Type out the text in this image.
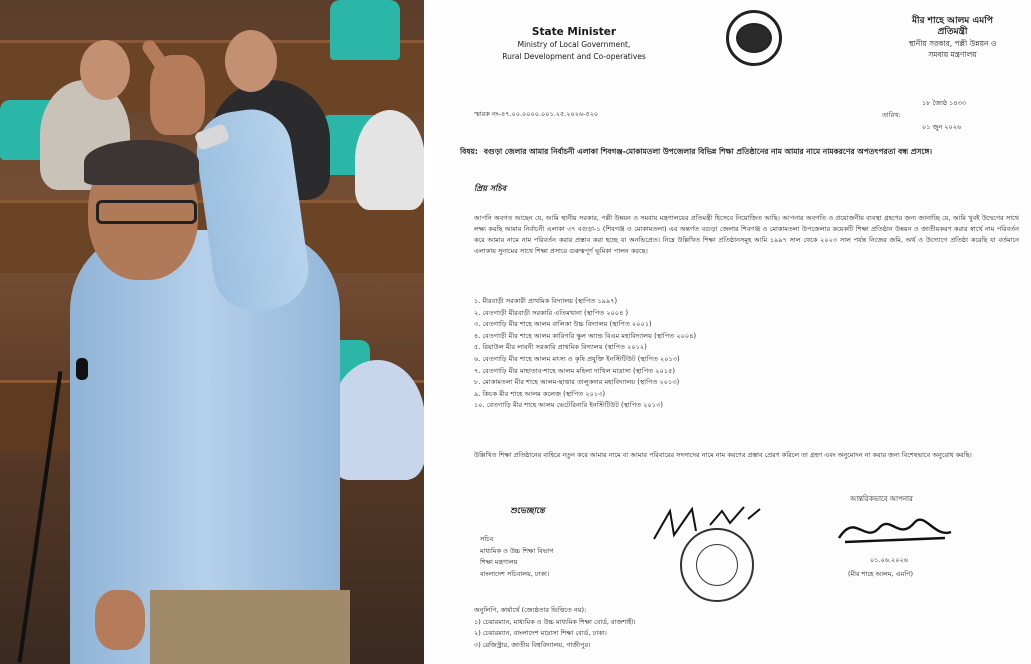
State Minister
Ministry of Local Government,
Rural Development and Co-operatives
মীর শাহে আলম এমপি
প্রতিমন্ত্রী
স্থানীয় সরকার, পল্লী উন্নয়ন ও
সমবায় মন্ত্রণালয়
স্মারক নং-৪৭.০০.০০০০.০০১.২৫.২০২৬-৫২০
১৮ জ্যৈষ্ঠ ১৪৩৩
তারিখ:
০১ জুন ২০২৬
বিষয়: বগুড়া জেলার আমার নির্বাচনী এলাকা শিবগঞ্জ-মোকামতলা উপজেলার বিভিন্ন শিক্ষা প্রতিষ্ঠানের নাম আমার নামে নামকরণের অপতৎপরতা বন্ধ প্রসঙ্গে।
প্রিয় সচিব
আপনি অবগত আছেন যে, আমি স্থানীয় সরকার, পল্লী উন্নয়ন ও সমবায় মন্ত্রণালয়ের প্রতিমন্ত্রী হিসেবে নিয়োজিত আছি। আপনার অবগতি ও প্রয়োজনীয় ব্যবস্থা গ্রহণের জন্য জানাচ্ছি যে, আমি খুবই উদ্বেগের সাথে লক্ষ্য করছি আমার নির্বাচনী এলাকা ৩৭ বগুড়া-১ (শিবগঞ্জ ও মোকামতলা) এর অন্তর্গত বগুড়া জেলার শিবগঞ্জ ও মোকামতলা উপজেলার কয়েকটি শিক্ষা প্রতিষ্ঠান উন্নয়ন ও জাতীয়করণ করার স্বার্থে নাম পরিবর্তন করে আমার নামে নাম পরিবর্তন করার প্রস্তাব করা হচ্ছে যা অনভিপ্রেত। নিম্নে উল্লিখিত শিক্ষা প্রতিষ্ঠানসমূহ আমি ১৯৯৭ সাল থেকে ২০২৩ সাল পর্যন্ত নিজের জমি, অর্থ ও উদ্যোগে প্রতিষ্ঠা করেছি যা বর্তমানে এলাকায় সুনামের সাথে শিক্ষা প্রসারে গুরুত্বপূর্ণ ভূমিকা পালন করছে।
১. মীরবাড়ী সরকারী প্রাথমিক বিদ্যালয় (স্থাপিত ১৯৯৭)
২. বেতগাড়ী মীরবাড়ী সরকারি এতিমখানা (স্থাপিত ২০০৪ )
৩. বেতগাড়ি মীর শাহে আলম বালিকা উচ্চ বিদ্যালয় (স্থাপিত ২০০১)
৪. বেতগাড়ী মীর শাহে আলম কারিগরি স্কুল অ্যান্ড বিএম মহাবিদ্যালয় (স্থাপিত ২০০৪)
৫. রিয়াউল মীর লাবনী সরকারি প্রাথমিক বিদ্যালয় (স্থাপিত ২০১২)
৬. বেতগাড়ি মীর শাহে আলম মৎস্য ও কৃষি প্রযুক্তি ইনস্টিটিউট (স্থাপিত ২০১৩)
৭. বেতগাড়ি মীর মাহাতাব-শাহে আলম মহিলা দাখিল মাদ্রাসা (স্থাপিত ২০১৫)
৮. মোকামতলা মীর শাহে আলম-ছাত্তার তালুকদার মহাবিদ্যালয় (স্থাপিত ২০১৩)
৯. কিচক মীর শাহে আলম কলেজ (স্থাপিত ২০১৩)
১০. বেতগাড়ি মীর শাহে আলম ভেটেরিনারি ইনস্টিটিউট (স্থাপিত ২০১৩)
উল্লিখিত শিক্ষা প্রতিষ্ঠানের বাহিরে নতুন করে আমার নামে বা আমার পরিবারের সদস্যদের নামে নাম করণের প্রস্তাব প্রেরণ করিলে তা গ্রহণ এবং অনুমোদন না করার জন্য বিশেষভাবে অনুরোধ করছি।
শুভেচ্ছান্তে
সচিব
মাধ্যমিক ও উচ্চ শিক্ষা বিভাগ
শিক্ষা মন্ত্রণালয়
বাংলাদেশ সচিবালয়, ঢাকা।
আন্তরিকভাবে আপনার
০১.০৬.২০২৬
(মীর শাহে আলম, এমপি)
অনুলিপি, কার্যার্থে (জ্যেষ্ঠতার ভিত্তিতে নয়):
১) চেয়ারম্যান, মাধ্যমিক ও উচ্চ মাধ্যমিক শিক্ষা বোর্ড, রাজশাহী।
২) চেয়ারম্যান, বাংলাদেশ মাদ্রাসা শিক্ষা বোর্ড, ঢাকা।
৩) রেজিস্ট্রার, জাতীয় বিশ্ববিদ্যালয়, গাজীপুর।
